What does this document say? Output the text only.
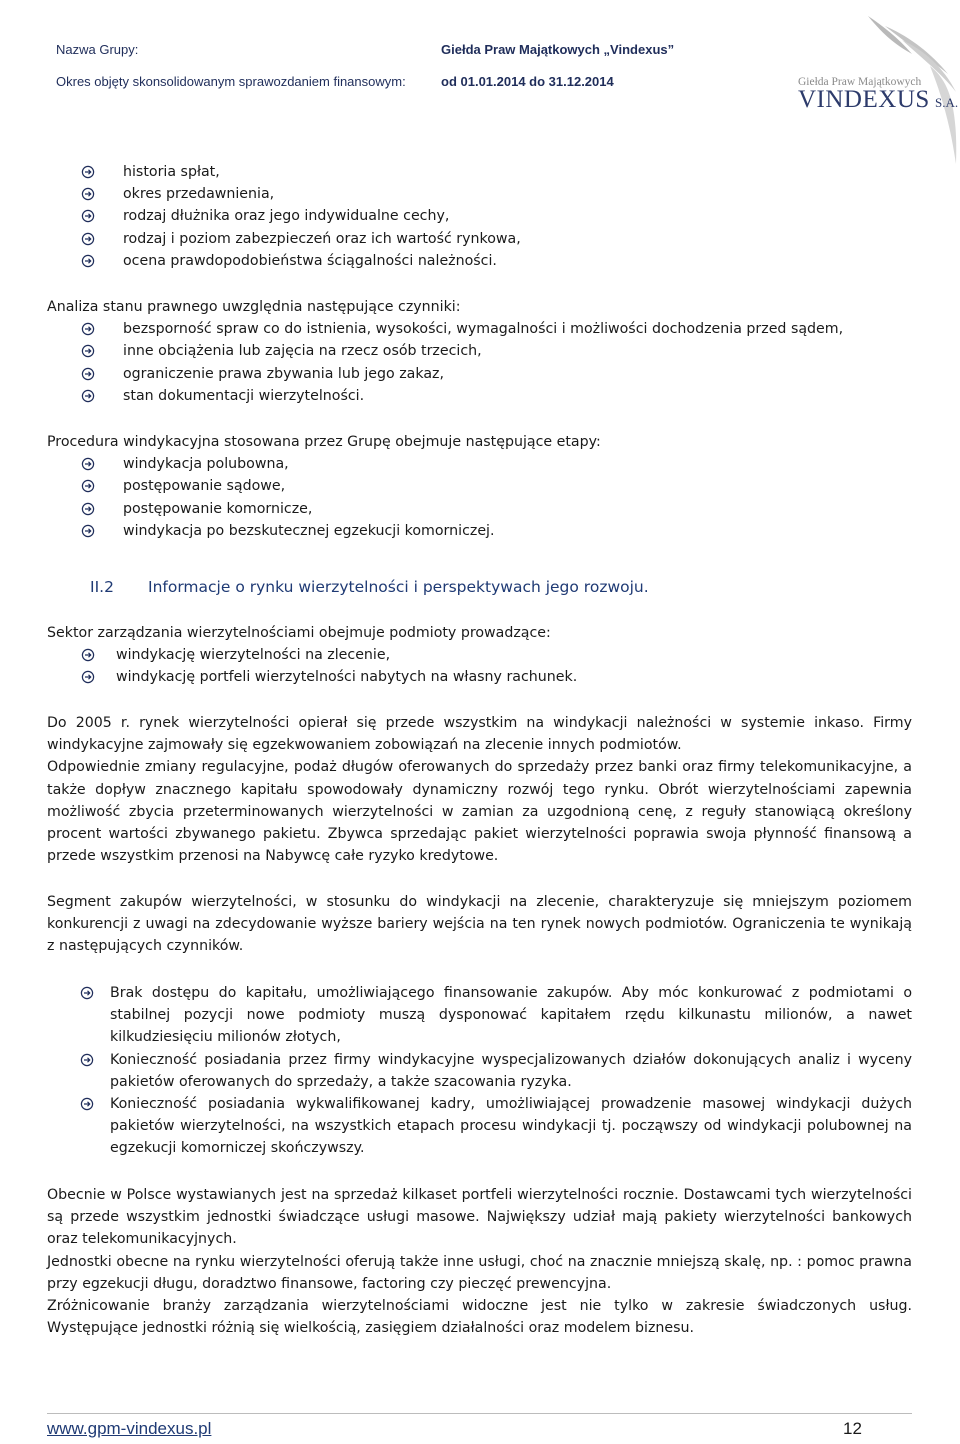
Nazwa Grupy:	Giełda Praw Majątkowych „Vindexus”
Okres objęty skonsolidowanym sprawozdaniem finansowym:	od 01.01.2014 do 31.12.2014	Giełda Praw Majątkowych
VINDEXUS S.A.
historia spłat,
okres przedawnienia,
rodzaj dłużnika oraz jego indywidualne cechy,
rodzaj i poziom zabezpieczeń oraz ich wartość rynkowa,
ocena prawdopodobieństwa ściągalności należności.
Analiza stanu prawnego uwzględnia następujące czynniki:
bezsporność spraw co do istnienia, wysokości, wymagalności i możliwości dochodzenia przed sądem,
inne obciążenia lub zajęcia na rzecz osób trzecich,
ograniczenie prawa zbywania lub jego zakaz,
stan dokumentacji wierzytelności.
Procedura windykacyjna stosowana przez Grupę obejmuje następujące etapy:
windykacja polubowna,
postępowanie sądowe,
postępowanie komornicze,
windykacja po bezskutecznej egzekucji komorniczej.
II.2 Informacje o rynku wierzytelności i perspektywach jego rozwoju.
Sektor zarządzania wierzytelnościami obejmuje podmioty prowadzące:
windykację wierzytelności na zlecenie,
windykację portfeli wierzytelności nabytych na własny rachunek.
Do 2005 r. rynek wierzytelności opierał się przede wszystkim na windykacji należności w systemie inkaso. Firmy windykacyjne zajmowały się egzekwowaniem zobowiązań na zlecenie innych podmiotów.
Odpowiednie zmiany regulacyjne, podaż długów oferowanych do sprzedaży przez banki oraz firmy telekomunikacyjne, a także dopływ znacznego kapitału spowodowały dynamiczny rozwój tego rynku. Obrót wierzytelnościami zapewnia możliwość zbycia przeterminowanych wierzytelności w zamian za uzgodnioną cenę, z reguły stanowiącą określony procent wartości zbywanego pakietu. Zbywca sprzedając pakiet wierzytelności poprawia swoja płynność finansową a przede wszystkim przenosi na Nabywcę całe ryzyko kredytowe.
Segment zakupów wierzytelności, w stosunku do windykacji na zlecenie, charakteryzuje się mniejszym poziomem konkurencji z uwagi na zdecydowanie wyższe bariery wejścia na ten rynek nowych podmiotów. Ograniczenia te wynikają z następujących czynników.
Brak dostępu do kapitału, umożliwiającego finansowanie zakupów. Aby móc konkurować z podmiotami o stabilnej pozycji nowe podmioty muszą dysponować kapitałem rzędu kilkunastu milionów, a nawet kilkudziesięciu milionów złotych,
Konieczność posiadania przez firmy windykacyjne wyspecjalizowanych działów dokonujących analiz i wyceny pakietów oferowanych do sprzedaży, a także szacowania ryzyka.
Konieczność posiadania wykwalifikowanej kadry, umożliwiającej prowadzenie masowej windykacji dużych pakietów wierzytelności, na wszystkich etapach procesu windykacji tj. począwszy od windykacji polubownej na egzekucji komorniczej skończywszy.
Obecnie w Polsce wystawianych jest na sprzedaż kilkaset portfeli wierzytelności rocznie. Dostawcami tych wierzytelności są przede wszystkim jednostki świadczące usługi masowe. Największy udział mają pakiety wierzytelności bankowych oraz telekomunikacyjnych.
Jednostki obecne na rynku wierzytelności oferują także inne usługi, choć na znacznie mniejszą skalę, np. : pomoc prawna przy egzekucji długu, doradztwo finansowe, factoring czy pieczęć prewencyjna.
Zróżnicowanie branży zarządzania wierzytelnościami widoczne jest nie tylko w zakresie świadczonych usług. Występujące jednostki różnią się wielkością, zasięgiem działalności oraz modelem biznesu.
www.gpm-vindexus.pl	12
